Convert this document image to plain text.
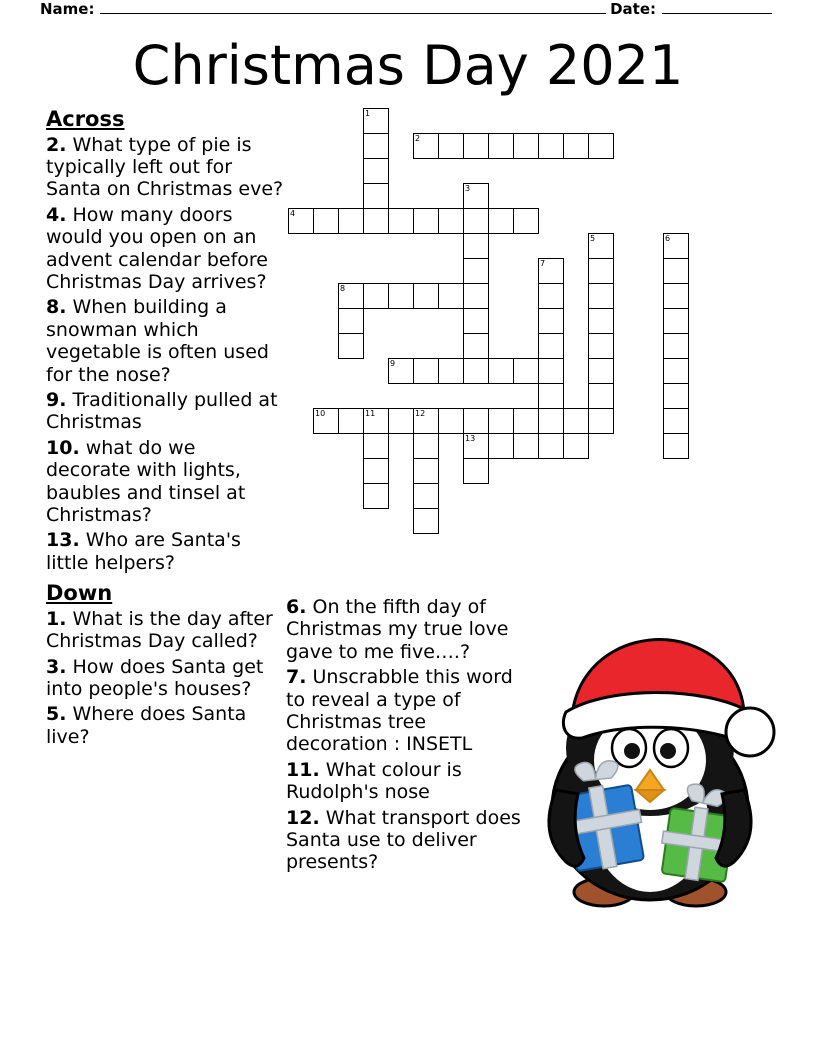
Name:	Date:
Christmas Day 2021
Across

2. What type of pie is typically left out for Santa on Christmas eve?

4. How many doors would you open on an advent calendar before Christmas Day arrives?

8. When building a snowman which vegetable is often used for the nose?

9. Traditionally pulled at Christmas

10. what do we decorate with lights, baubles and tinsel at Christmas?

13. Who are Santa's little helpers?

Down

1. What is the day after Christmas Day called?

3. How does Santa get into people's houses?

5. Where does Santa live?

6. On the fifth day of Christmas my true love gave to me five….?

7. Unscrabble this word to reveal a type of Christmas tree decoration : INSETL

11. What colour is Rudolph's nose

12. What transport does Santa use to deliver presents?

1
2
3
4
5	6
7
8
9
10	11	12
13
